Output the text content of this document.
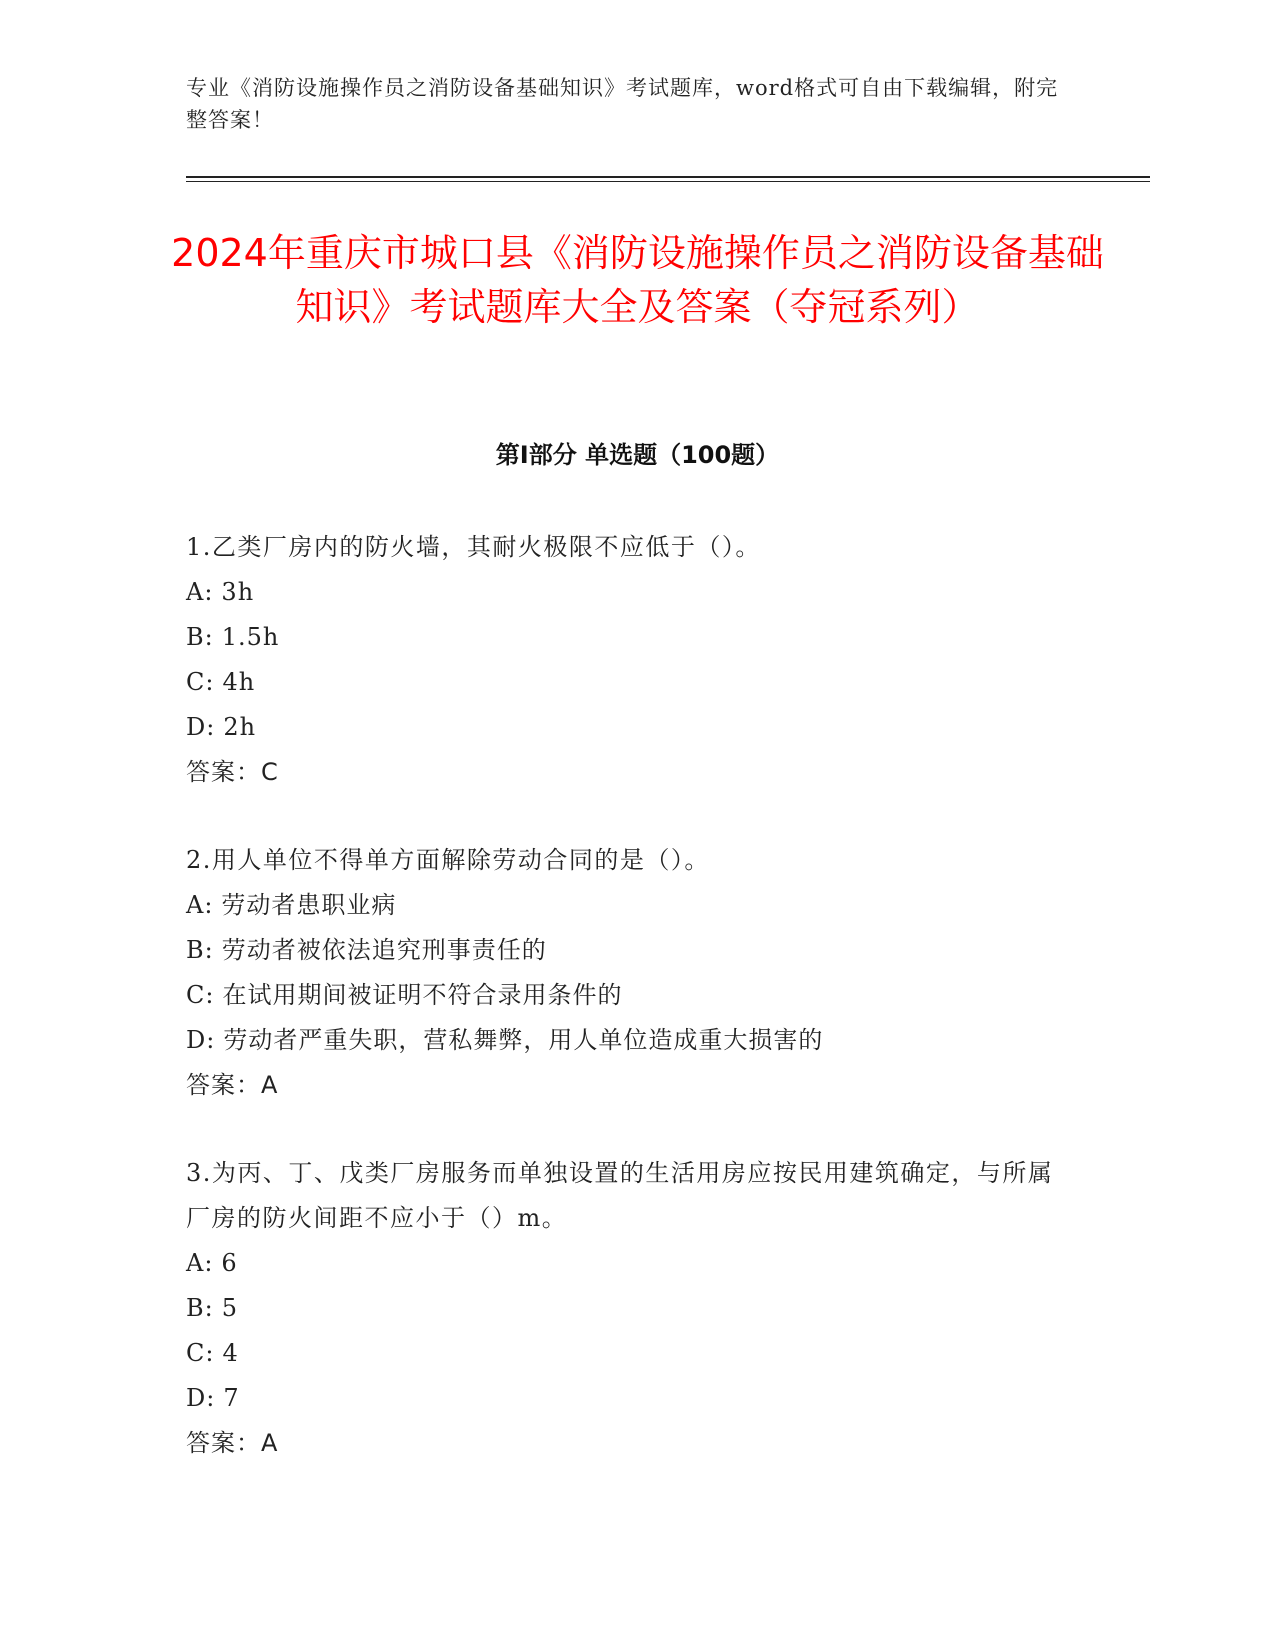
专业《消防设施操作员之消防设备基础知识》考试题库，word格式可自由下载编辑，附完整答案！
2024年重庆市城口县《消防设施操作员之消防设备基础知识》考试题库大全及答案（夺冠系列）
第Ⅰ部分 单选题（100题）
1.乙类厂房内的防火墙，其耐火极限不应低于（）。
A: 3h
B: 1.5h
C: 4h
D: 2h
答案：C
2.用人单位不得单方面解除劳动合同的是（）。
A: 劳动者患职业病
B: 劳动者被依法追究刑事责任的
C: 在试用期间被证明不符合录用条件的
D: 劳动者严重失职，营私舞弊，用人单位造成重大损害的
答案：A
3.为丙、丁、戊类厂房服务而单独设置的生活用房应按民用建筑确定，与所属厂房的防火间距不应小于（）m。
A: 6
B: 5
C: 4
D: 7
答案：A
